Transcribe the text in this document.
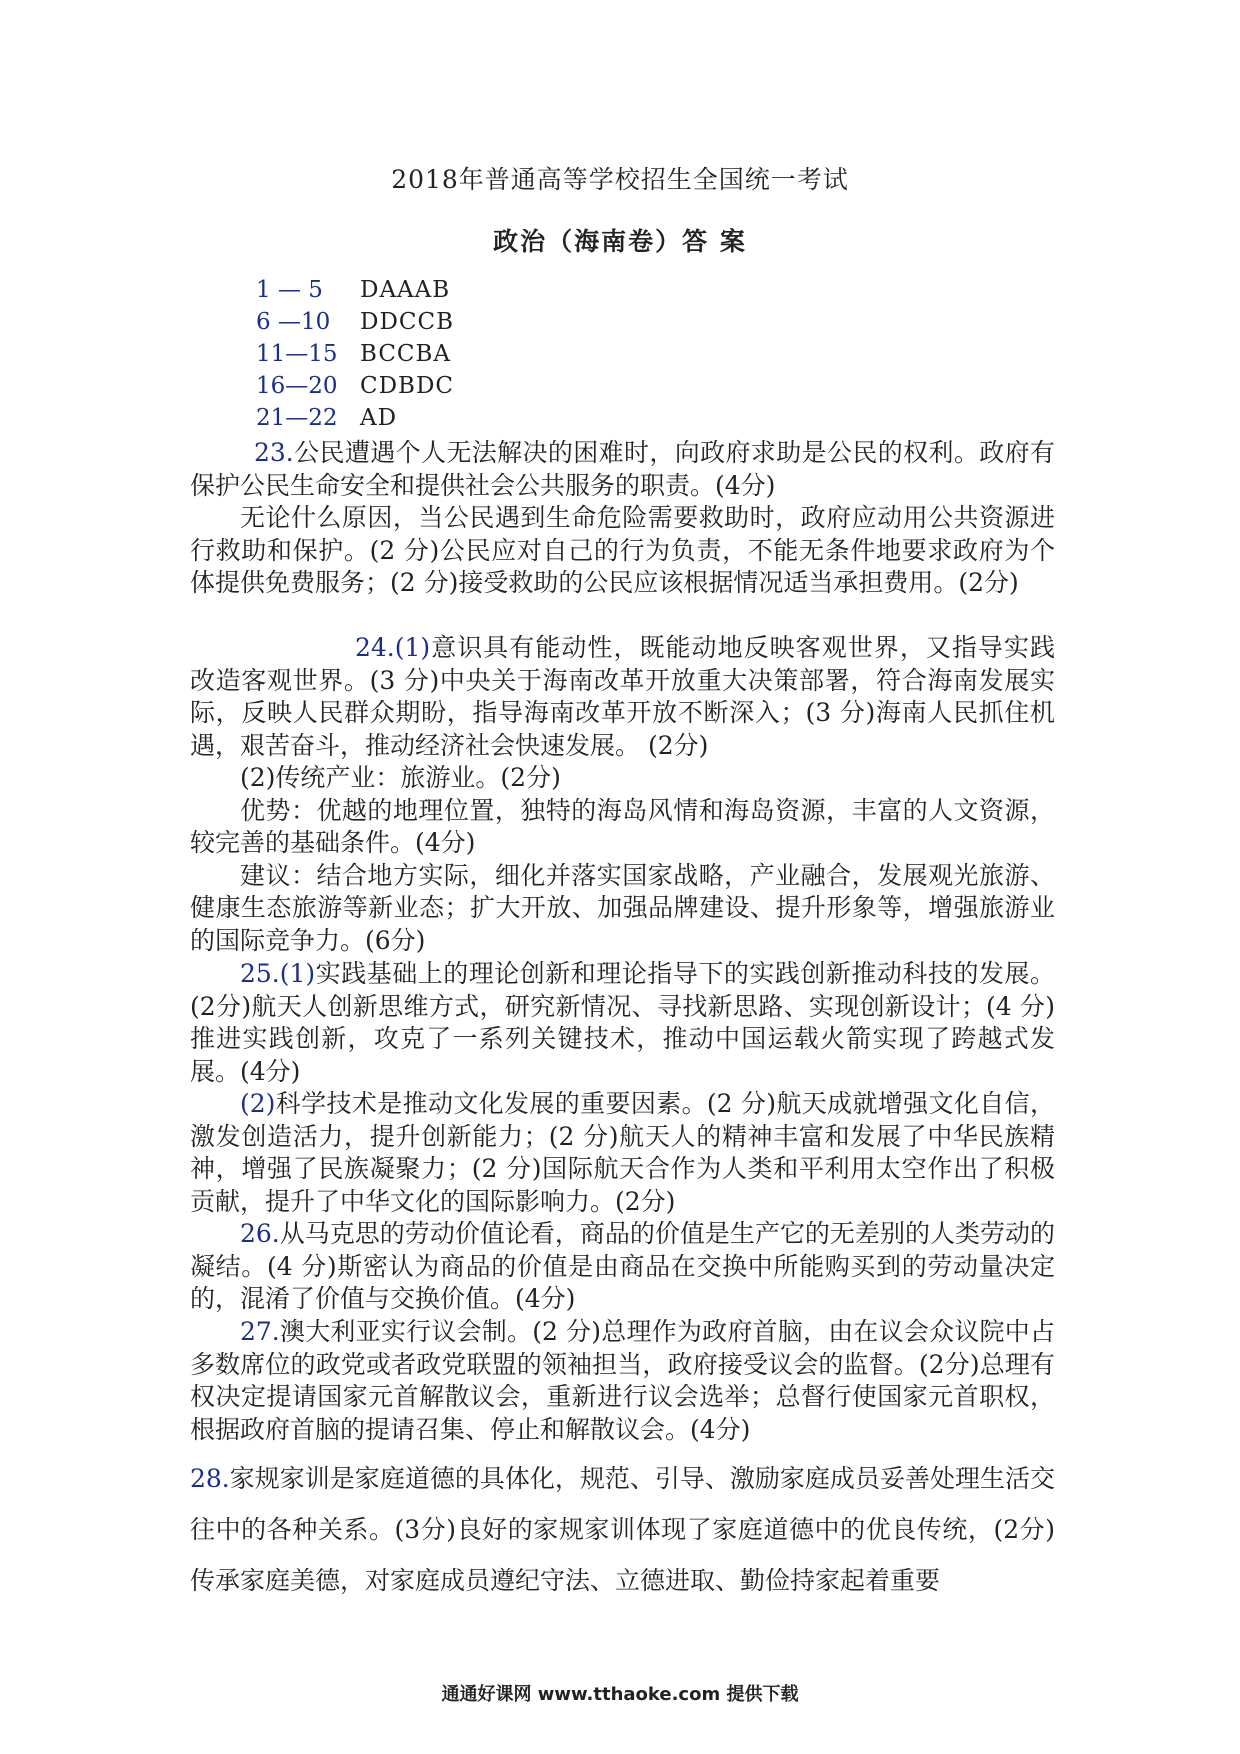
2018年普通高等学校招生全国统一考试
政治（海南卷）答 案
1 — 5 DAAAB
6 —10 DDCCB
11—15 BCCBA
16—20 CDBDC
21—22 AD

23.公民遭遇个人无法解决的困难时，向政府求助是公民的权利。政府有保护公民生命安全和提供社会公共服务的职责。(4分)

无论什么原因，当公民遇到生命危险需要救助时，政府应动用公共资源进行救助和保护。(2 分)公民应对自己的行为负责，不能无条件地要求政府为个体提供免费服务；(2 分)接受救助的公民应该根据情况适当承担费用。(2分)

24.(1)意识具有能动性，既能动地反映客观世界，又指导实践改造客观世界。(3 分)中央关于海南改革开放重大决策部署，符合海南发展实际，反映人民群众期盼，指导海南改革开放不断深入；(3 分)海南人民抓住机遇，艰苦奋斗，推动经济社会快速发展。 (2分)

(2)传统产业：旅游业。(2分)

优势：优越的地理位置，独特的海岛风情和海岛资源，丰富的人文资源，较完善的基础条件。(4分)

建议：结合地方实际，细化并落实国家战略，产业融合，发展观光旅游、健康生态旅游等新业态；扩大开放、加强品牌建设、提升形象等，增强旅游业的国际竞争力。(6分)

25.(1)实践基础上的理论创新和理论指导下的实践创新推动科技的发展。(2分)航天人创新思维方式，研究新情况、寻找新思路、实现创新设计；(4 分)推进实践创新，攻克了一系列关键技术，推动中国运载火箭实现了跨越式发展。(4分)

(2)科学技术是推动文化发展的重要因素。(2 分)航天成就增强文化自信，激发创造活力，提升创新能力；(2 分)航天人的精神丰富和发展了中华民族精神，增强了民族凝聚力；(2 分)国际航天合作为人类和平利用太空作出了积极贡献，提升了中华文化的国际影响力。(2分)

26.从马克思的劳动价值论看，商品的价值是生产它的无差别的人类劳动的凝结。(4 分)斯密认为商品的价值是由商品在交换中所能购买到的劳动量决定的，混淆了价值与交换价值。(4分)

27.澳大利亚实行议会制。(2 分)总理作为政府首脑，由在议会众议院中占多数席位的政党或者政党联盟的领袖担当，政府接受议会的监督。(2分)总理有权决定提请国家元首解散议会，重新进行议会选举；总督行使国家元首职权，根据政府首脑的提请召集、停止和解散议会。(4分)

28.家规家训是家庭道德的具体化，规范、引导、激励家庭成员妥善处理生活交往中的各种关系。(3分)良好的家规家训体现了家庭道德中的优良传统，(2分)传承家庭美德，对家庭成员遵纪守法、立德进取、勤俭持家起着重要

通通好课网 www.tthaoke.com 提供下载
